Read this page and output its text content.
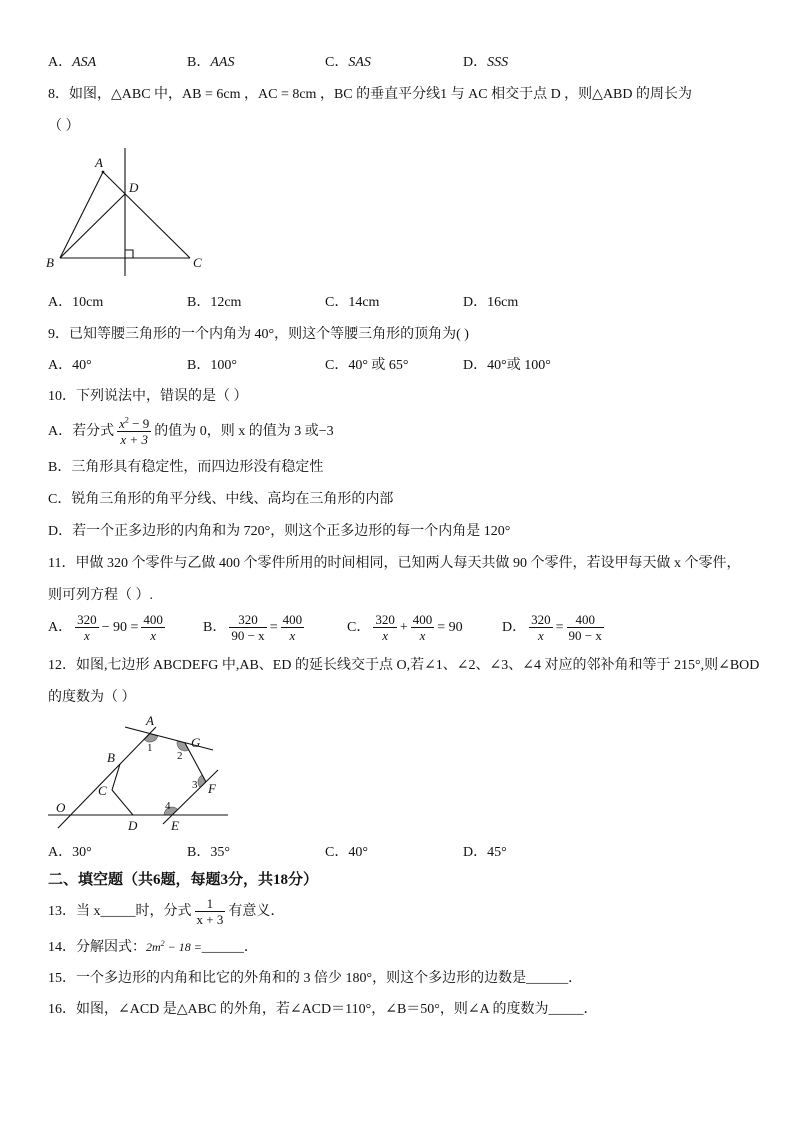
A．ASA	B．AAS	C．SAS	D．SSS
8．如图，△ABC 中，AB = 6cm ，AC = 8cm ，BC 的垂直平分线1 与 AC 相交于点 D ，则△ABD 的周长为
（ ）
A
D
B	C
A．10cm	B．12cm	C．14cm	D．16cm
9．已知等腰三角形的一个内角为 40°，则这个等腰三角形的顶角为( )
A．40°	B．100°	C．40° 或 65°	D．40°或 100°
10．下列说法中，错误的是（ ）
A．若分式 $\frac{x^2 - 9}{x + 3}$ 的值为 0，则 x 的值为 3 或−3
B．三角形具有稳定性，而四边形没有稳定性
C．锐角三角形的角平分线、中线、高均在三角形的内部
D．若一个正多边形的内角和为 720°，则这个正多边形的每一个内角是 120°
11．甲做 320 个零件与乙做 400 个零件所用的时间相同，已知两人每天共做 90 个零件，若设甲每天做 x 个零件，
则可列方程（ ）.
A． $\frac{320}{x} - 90 = \frac{400}{x}$	B． $\frac{320}{90 - x} = \frac{400}{x}$	C． $\frac{320}{x} + \frac{400}{x} = 90$	D． $\frac{320}{x} = \frac{400}{90 - x}$
12．如图,七边形 ABCDEFG 中,AB、ED 的延长线交于点 O,若∠1、∠2、∠3、∠4 对应的邻补角和等于 215°,则∠BOD
的度数为（ ）
A
G
B
C
D	E
F
O
1
2
3
4
A．30°	B．35°	C．40°	D．45°
二、填空题（共6题，每题3分，共18分）
13．当 x_____时，分式 $\frac{1}{x + 3}$ 有意义．
14．分解因式：$2m^2 - 18$ =______．
15．一个多边形的内角和比它的外角和的 3 倍少 180°，则这个多边形的边数是______．
16．如图，∠ACD 是△ABC 的外角，若∠ACD＝110°，∠B＝50°，则∠A 的度数为_____．
